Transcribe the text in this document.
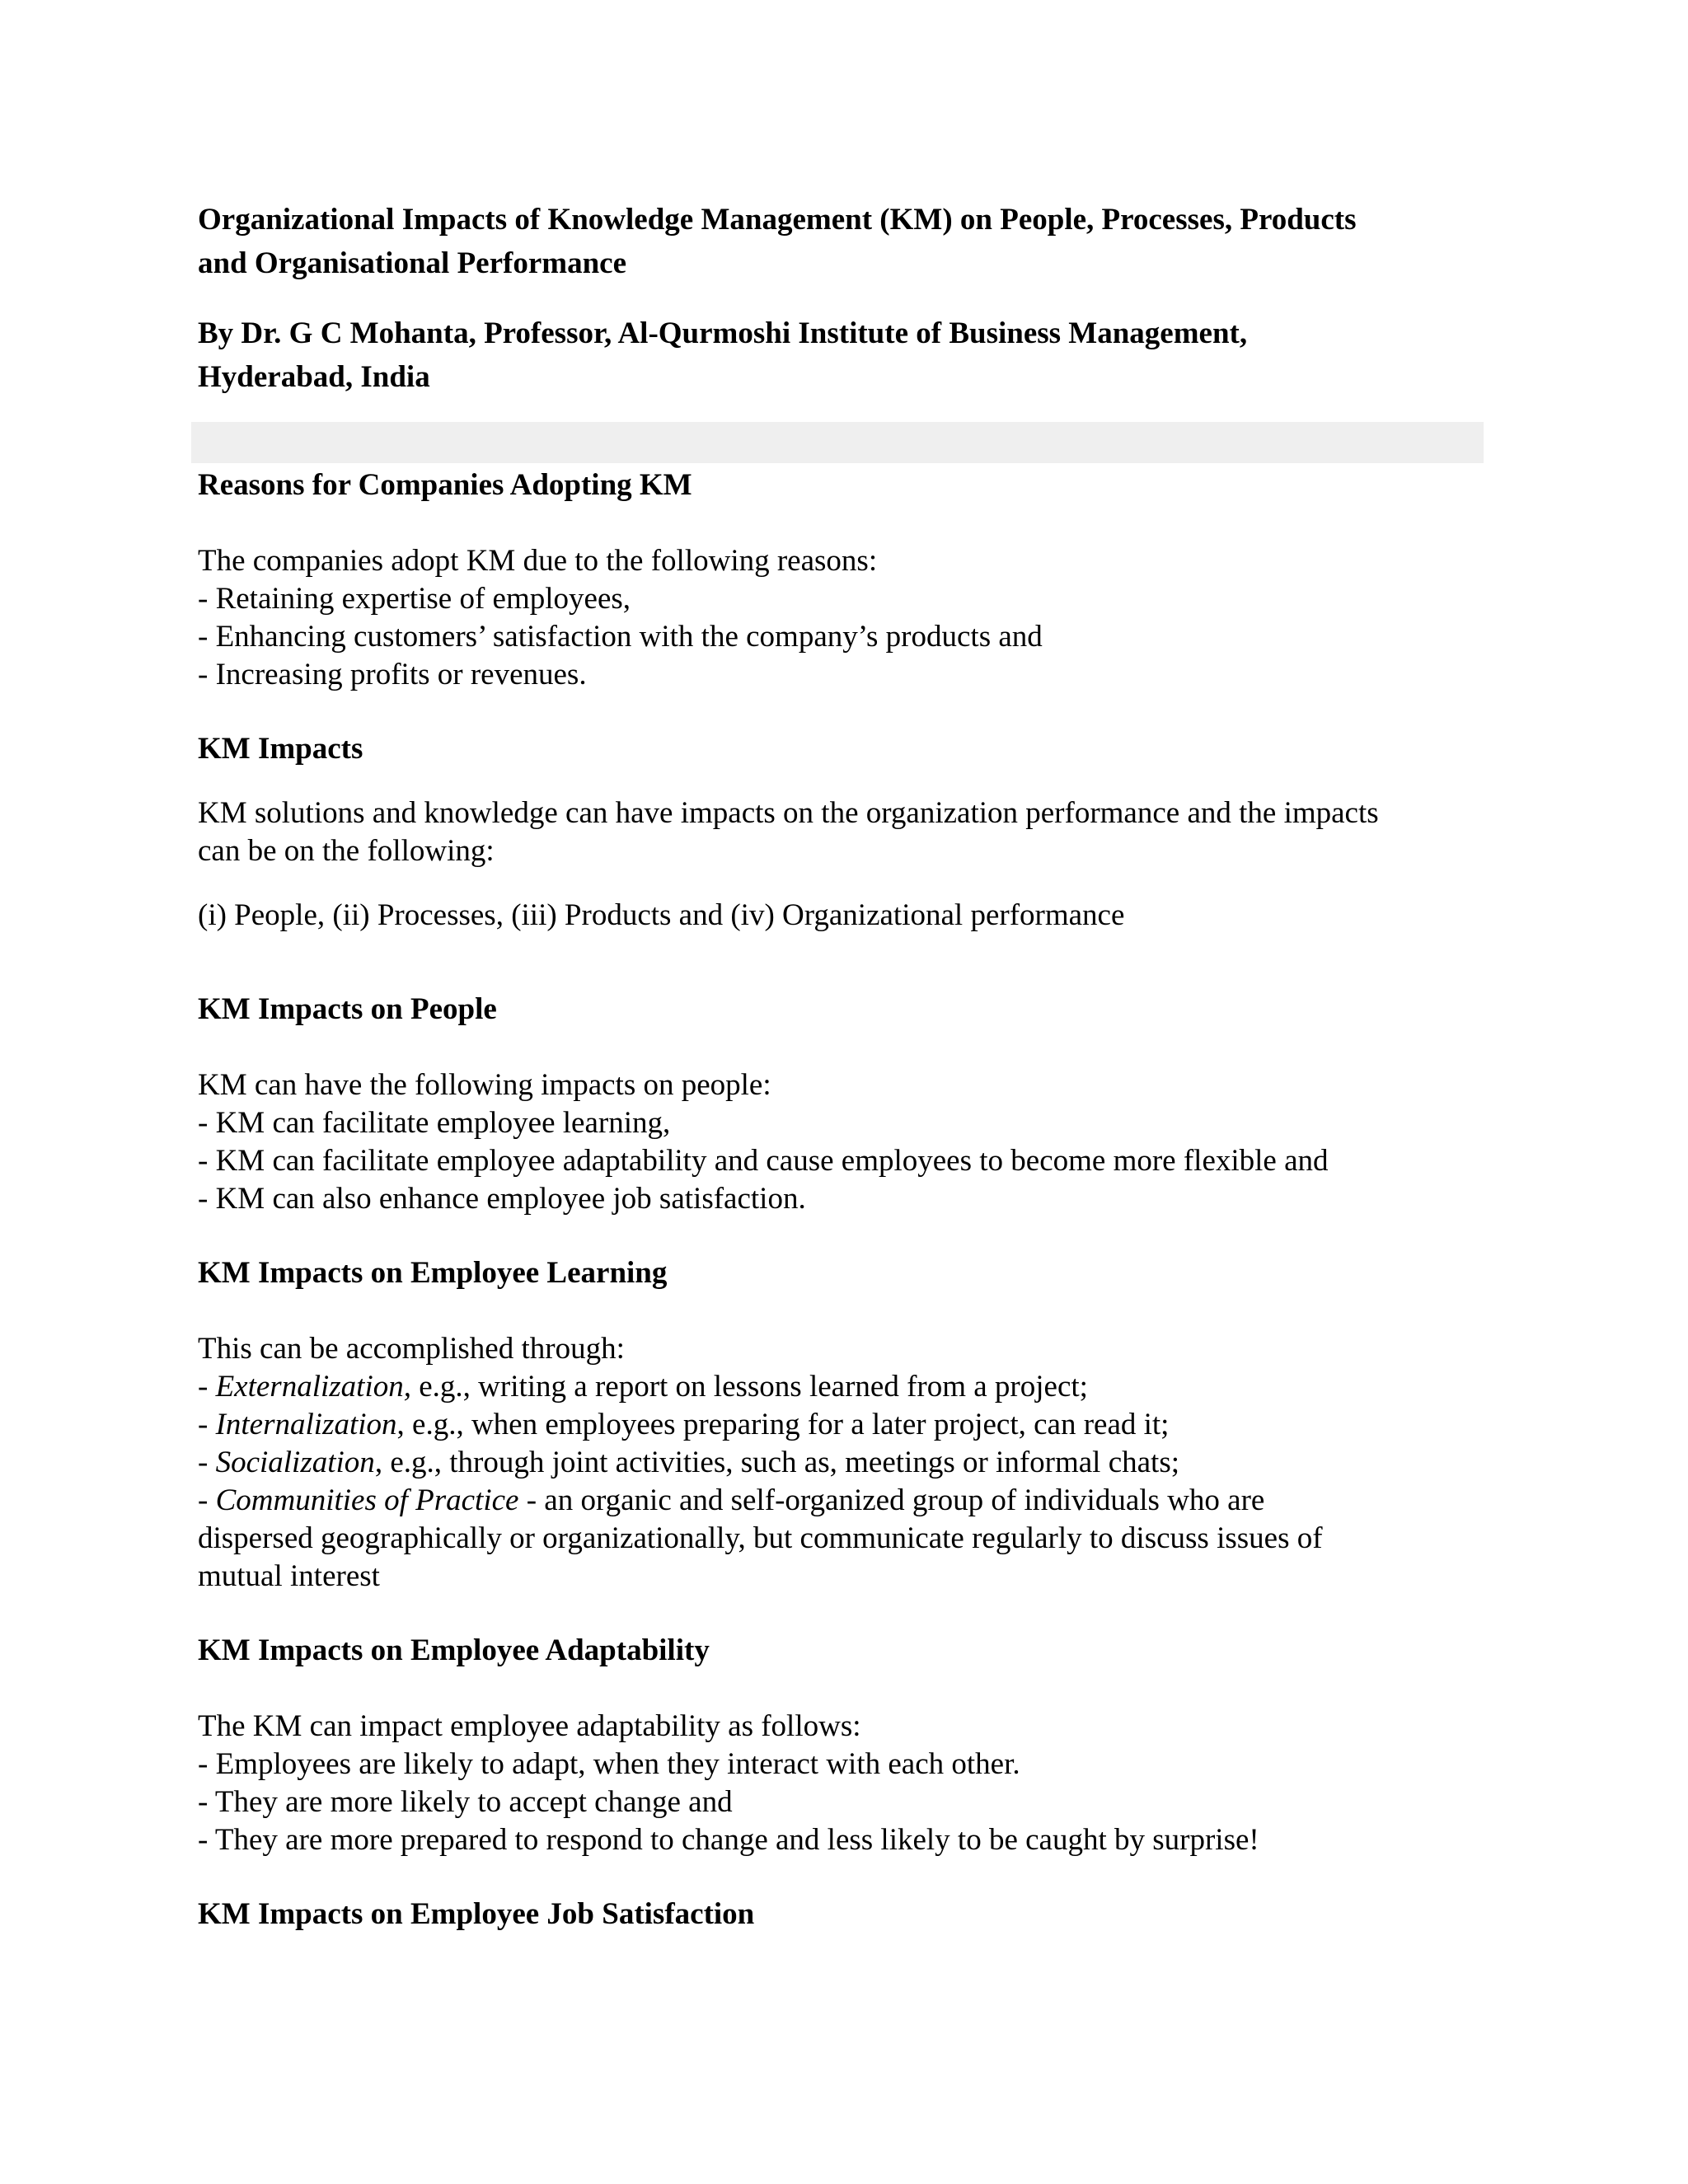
Organizational Impacts of Knowledge Management (KM) on People, Processes, Products
and Organisational Performance

By Dr. G C Mohanta, Professor, Al-Qurmoshi Institute of Business Management,
Hyderabad, India

Reasons for Companies Adopting KM

The companies adopt KM due to the following reasons:

- Retaining expertise of employees,

- Enhancing customers’ satisfaction with the company’s products and

- Increasing profits or revenues.

KM Impacts

KM solutions and knowledge can have impacts on the organization performance and the impacts
can be on the following:

(i) People, (ii) Processes, (iii) Products and (iv) Organizational performance

KM Impacts on People

KM can have the following impacts on people:

- KM can facilitate employee learning,

- KM can facilitate employee adaptability and cause employees to become more flexible and

- KM can also enhance employee job satisfaction.

KM Impacts on Employee Learning

This can be accomplished through:

- Externalization, e.g., writing a report on lessons learned from a project;

- Internalization, e.g., when employees preparing for a later project, can read it;

- Socialization, e.g., through joint activities, such as, meetings or informal chats;

- Communities of Practice - an organic and self-organized group of individuals who are

dispersed geographically or organizationally, but communicate regularly to discuss issues of

mutual interest

KM Impacts on Employee Adaptability

The KM can impact employee adaptability as follows:

- Employees are likely to adapt, when they interact with each other.

- They are more likely to accept change and

- They are more prepared to respond to change and less likely to be caught by surprise!

KM Impacts on Employee Job Satisfaction
